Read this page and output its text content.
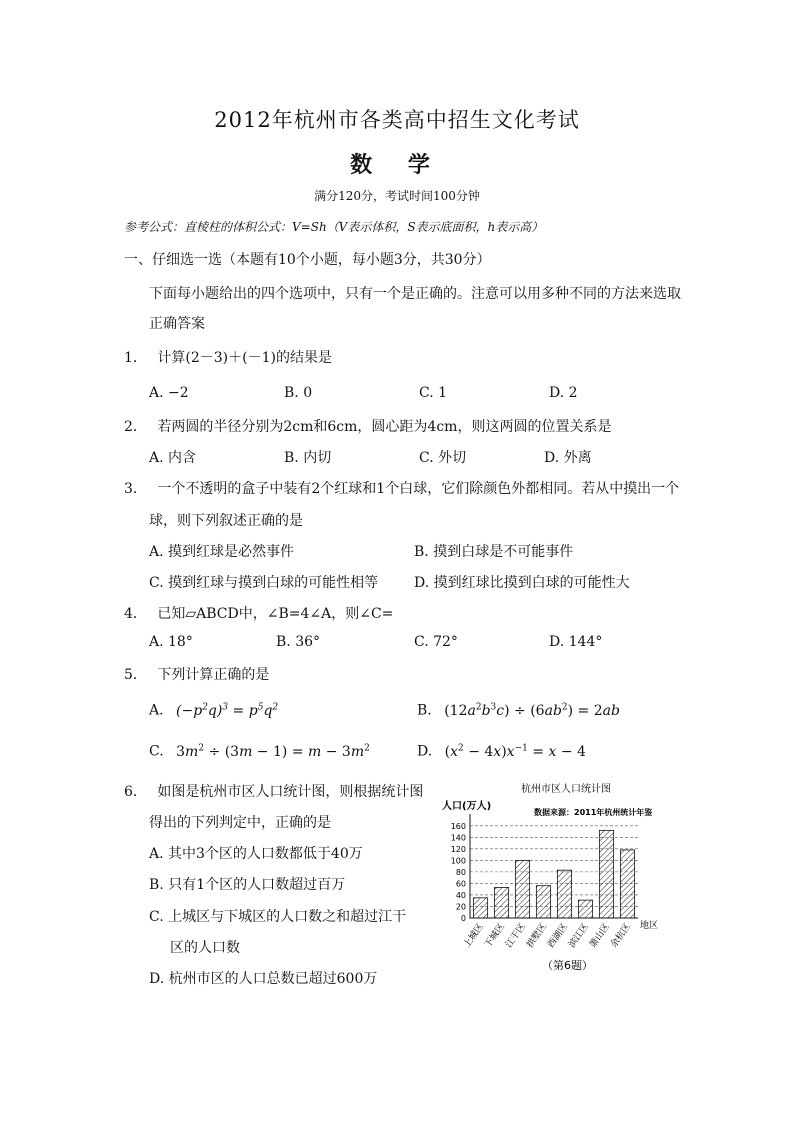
2012年杭州市各类高中招生文化考试
数 学
满分120分，考试时间100分钟
参考公式：直棱柱的体积公式：V=Sh（V表示体积，S表示底面积，h表示高）
一、仔细选一选（本题有10个小题，每小题3分，共30分）
下面每小题给出的四个选项中，只有一个是正确的。注意可以用多种不同的方法来选取
正确答案
1． 计算(2－3)＋(－1)的结果是
A. −2	B. 0	C. 1	D. 2
2． 若两圆的半径分别为2cm和6cm，圆心距为4cm，则这两圆的位置关系是
A. 内含	B. 内切	C. 外切	D. 外离
3． 一个不透明的盒子中装有2个红球和1个白球，它们除颜色外都相同。若从中摸出一个
球，则下列叙述正确的是
A. 摸到红球是必然事件	B. 摸到白球是不可能事件
C. 摸到红球与摸到白球的可能性相等	D. 摸到红球比摸到白球的可能性大
4． 已知▱ABCD中，∠B=4∠A，则∠C=
A. 18°	B. 36°	C. 72°	D. 144°
5． 下列计算正确的是
A. $(-p^2q)^3 = p^5q^2$	B. $(12a^2b^3c) \div (6ab^2) = 2ab$
C. $3m^2 \div (3m - 1) = m - 3m^2$	D. $(x^2 - 4x)x^{-1} = x - 4$
6． 如图是杭州市区人口统计图，则根据统计图
得出的下列判定中，正确的是
A. 其中3个区的人口数都低于40万
B. 只有1个区的人口数超过百万
C. 上城区与下城区的人口数之和超过江干
区的人口数
D. 杭州市区的人口总数已超过600万
杭州市区人口统计图
人口(万人)
数据来源：2011年杭州统计年鉴
地区
（第6题）
0
20
40
60
80
100
120
140
160
上城区
下城区
江干区
拱墅区
西湖区
滨江区
萧山区
余杭区
